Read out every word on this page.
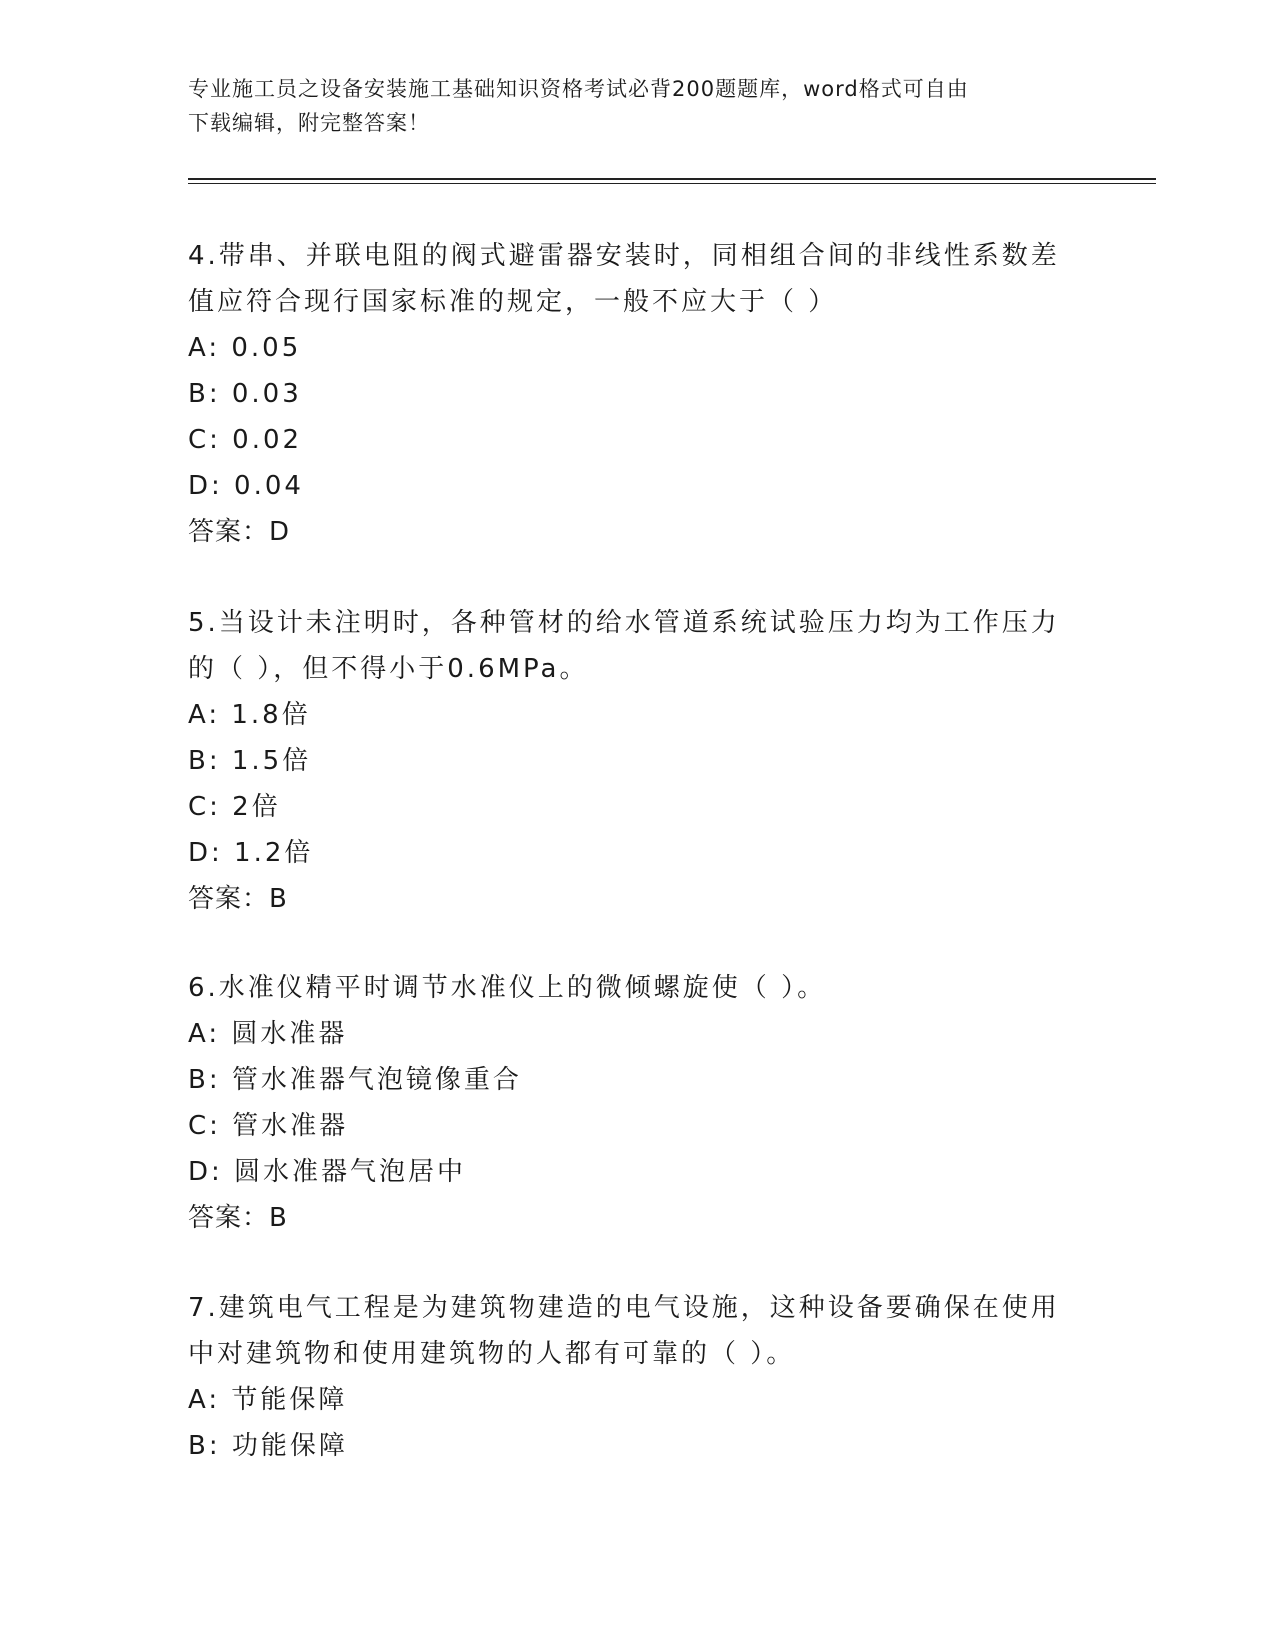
专业施工员之设备安装施工基础知识资格考试必背200题题库，word格式可自由
下载编辑，附完整答案！
4.带串、并联电阻的阀式避雷器安装时，同相组合间的非线性系数差
值应符合现行国家标准的规定，一般不应大于（ ）
A: 0.05
B: 0.03
C: 0.02
D: 0.04
答案：D
5.当设计未注明时，各种管材的给水管道系统试验压力均为工作压力
的（ ），但不得小于0.6MPa。
A: 1.8倍
B: 1.5倍
C: 2倍
D: 1.2倍
答案：B
6.水准仪精平时调节水准仪上的微倾螺旋使（ ）。
A: 圆水准器
B: 管水准器气泡镜像重合
C: 管水准器
D: 圆水准器气泡居中
答案：B
7.建筑电气工程是为建筑物建造的电气设施，这种设备要确保在使用
中对建筑物和使用建筑物的人都有可靠的（ ）。
A: 节能保障
B: 功能保障
